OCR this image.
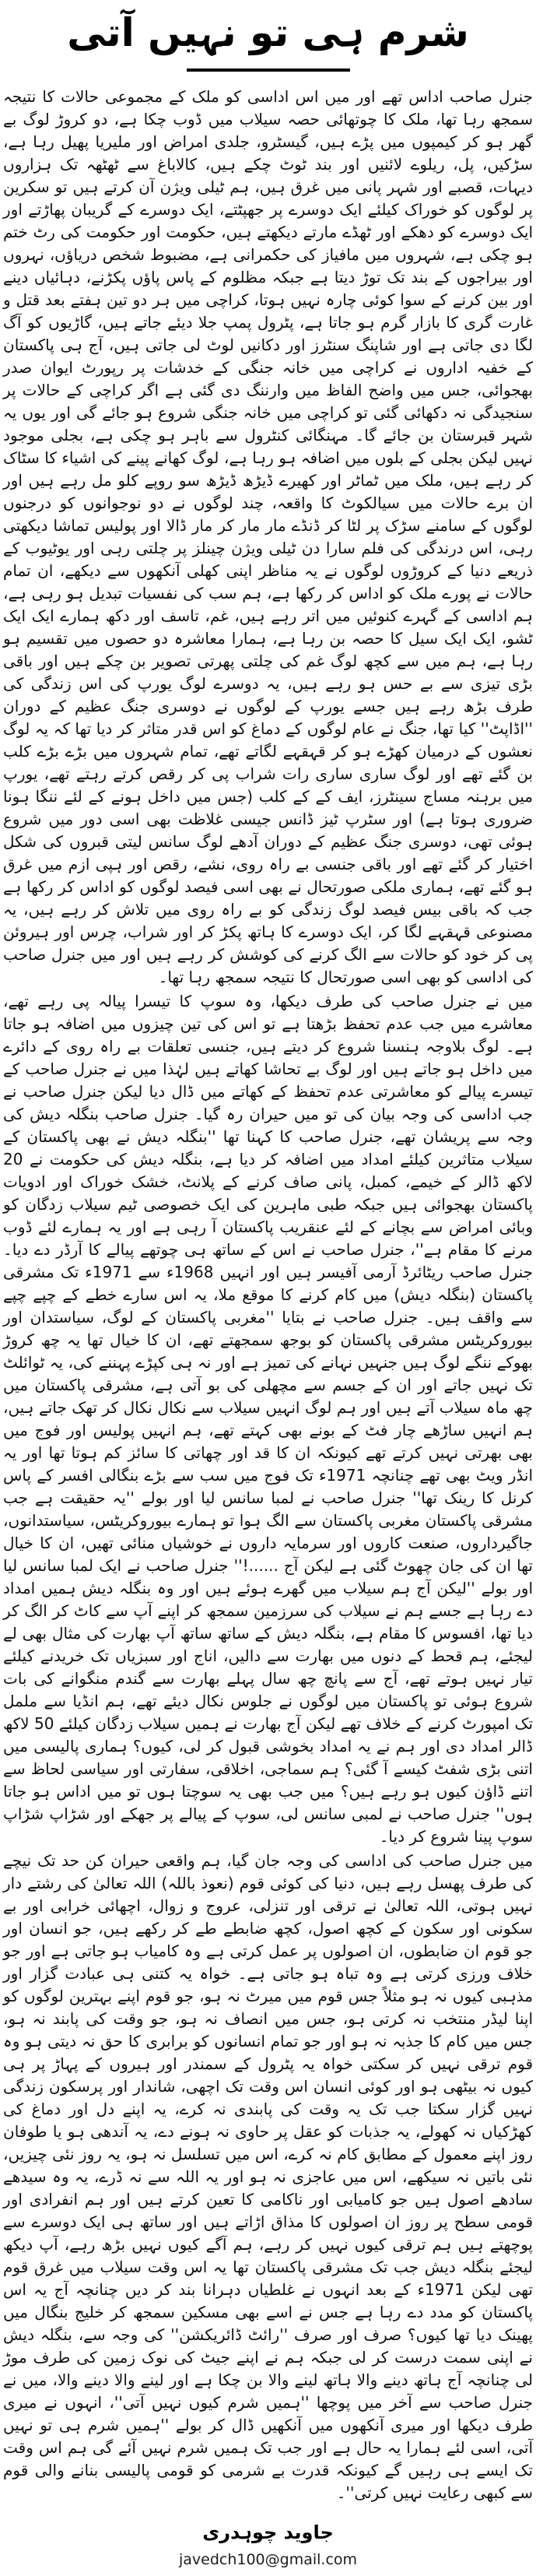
شرم ہی تو نہیں آتی

جنرل صاحب اداس تھے اور میں اس اداسی کو ملک کے مجموعی حالات کا نتیجہ سمجھ رہا تھا، ملک کا چوتھائی حصہ سیلاب میں ڈوب چکا ہے، دو کروڑ لوگ بے گھر ہو کر کیمپوں میں پڑے ہیں، گیسٹرو، جلدی امراض اور ملیریا پھیل رہا ہے، سڑکیں، پل، ریلوے لائنیں اور بند ٹوٹ چکے ہیں، کالاباغ سے ٹھٹھہ تک ہزاروں دیہات، قصبے اور شہر پانی میں غرق ہیں، ہم ٹیلی ویژن آن کرتے ہیں تو سکرین پر لوگوں کو خوراک کیلئے ایک دوسرے پر جھپٹتے، ایک دوسرے کے گریبان پھاڑتے اور ایک دوسرے کو دھکے اور ٹھڈے مارتے دیکھتے ہیں، حکومت اور حکومت کی رٹ ختم ہو چکی ہے، شہروں میں مافیاز کی حکمرانی ہے، مضبوط شخص دریاؤں، نہروں اور بیراجوں کے بند تک توڑ دیتا ہے جبکہ مظلوم کے پاس پاؤں پکڑنے، دہائیاں دینے اور بین کرنے کے سوا کوئی چارہ نہیں ہوتا، کراچی میں ہر دو تین ہفتے بعد قتل و غارت گری کا بازار گرم ہو جاتا ہے، پٹرول پمپ جلا دیئے جاتے ہیں، گاڑیوں کو آگ لگا دی جاتی ہے اور شاپنگ سنٹرز اور دکانیں لوٹ لی جاتی ہیں، آج ہی پاکستان کے خفیہ اداروں نے کراچی میں خانہ جنگی کے خدشات پر رپورٹ ایوان صدر بھجوائی، جس میں واضح الفاظ میں وارننگ دی گئی ہے اگر کراچی کے حالات پر سنجیدگی نہ دکھائی گئی تو کراچی میں خانہ جنگی شروع ہو جائے گی اور یوں یہ شہر قبرستان بن جائے گا۔ مہنگائی کنٹرول سے باہر ہو چکی ہے، بجلی موجود نہیں لیکن بجلی کے بلوں میں اضافہ ہو رہا ہے، لوگ کھانے پینے کی اشیاء کا سٹاک کر رہے ہیں، ملک میں ٹماٹر اور کھیرے ڈیڑھ ڈیڑھ سو روپے کلو مل رہے ہیں اور ان برے حالات میں سیالکوٹ کا واقعہ، چند لوگوں نے دو نوجوانوں کو درجنوں لوگوں کے سامنے سڑک پر لٹا کر ڈنڈے مار مار کر مار ڈالا اور پولیس تماشا دیکھتی رہی، اس درندگی کی فلم سارا دن ٹیلی ویژن چینلز پر چلتی رہی اور یوٹیوب کے ذریعے دنیا کے کروڑوں لوگوں نے یہ مناظر اپنی کھلی آنکھوں سے دیکھے، ان تمام حالات نے پورے ملک کو اداس کر رکھا ہے، ہم سب کی نفسیات تبدیل ہو رہی ہے، ہم اداسی کے گہرے کنوئیں میں اتر رہے ہیں، غم، تاسف اور دکھ ہمارے ایک ایک ٹشو، ایک ایک سیل کا حصہ بن رہا ہے، ہمارا معاشرہ دو حصوں میں تقسیم ہو رہا ہے، ہم میں سے کچھ لوگ غم کی چلتی پھرتی تصویر بن چکے ہیں اور باقی بڑی تیزی سے بے حس ہو رہے ہیں، یہ دوسرے لوگ یورپ کی اس زندگی کی طرف بڑھ رہے ہیں جسے یورپ کے لوگوں نے دوسری جنگ عظیم کے دوران ''اڈاپٹ'' کیا تھا، جنگ نے عام لوگوں کے دماغ کو اس قدر متاثر کر دیا تھا کہ یہ لوگ نعشوں کے درمیان کھڑے ہو کر قہقہے لگاتے تھے، تمام شہروں میں بڑے بڑے کلب بن گئے تھے اور لوگ ساری ساری رات شراب پی کر رقص کرتے رہتے تھے، یورپ میں برہنہ مساج سینٹرز، ایف کے کے کلب (جس میں داخل ہونے کے لئے ننگا ہونا ضروری ہوتا ہے) اور سٹرپ ٹیز ڈانس جیسی غلاظت بھی اسی دور میں شروع ہوئی تھی، دوسری جنگ عظیم کے دوران آدھے لوگ سانس لیتی قبروں کی شکل اختیار کر گئے تھے اور باقی جنسی بے راہ روی، نشے، رقص اور ہپی ازم میں غرق ہو گئے تھے، ہماری ملکی صورتحال نے بھی اسی فیصد لوگوں کو اداس کر رکھا ہے جب کہ باقی بیس فیصد لوگ زندگی کو بے راہ روی میں تلاش کر رہے ہیں، یہ مصنوعی قہقہے لگا کر، ایک دوسرے کا ہاتھ پکڑ کر اور شراب، چرس اور ہیروئن پی کر خود کو حالات سے الگ کرنے کی کوشش کر رہے ہیں اور میں جنرل صاحب کی اداسی کو بھی اسی صورتحال کا نتیجہ سمجھ رہا تھا۔

میں نے جنرل صاحب کی طرف دیکھا، وہ سوپ کا تیسرا پیالہ پی رہے تھے، معاشرے میں جب عدم تحفظ بڑھتا ہے تو اس کی تین چیزوں میں اضافہ ہو جاتا ہے۔ لوگ بلاوجہ ہنسنا شروع کر دیتے ہیں، جنسی تعلقات بے راہ روی کے دائرے میں داخل ہو جاتے ہیں اور لوگ بے تحاشا کھاتے ہیں لہٰذا میں نے جنرل صاحب کے تیسرے پیالے کو معاشرتی عدم تحفظ کے کھاتے میں ڈال دیا لیکن جنرل صاحب نے جب اداسی کی وجہ بیان کی تو میں حیران رہ گیا۔ جنرل صاحب بنگلہ دیش کی وجہ سے پریشان تھے، جنرل صاحب کا کہنا تھا ''بنگلہ دیش نے بھی پاکستان کے سیلاب متاثرین کیلئے امداد میں اضافہ کر دیا ہے، بنگلہ دیش کی حکومت نے 20 لاکھ ڈالر کے خیمے، کمبل، پانی صاف کرنے کے پلانٹ، خشک خوراک اور ادویات پاکستان بھجوائی ہیں جبکہ طبی ماہرین کی ایک خصوصی ٹیم سیلاب زدگان کو وبائی امراض سے بچانے کے لئے عنقریب پاکستان آ رہی ہے اور یہ ہمارے لئے ڈوب مرنے کا مقام ہے''، جنرل صاحب نے اس کے ساتھ ہی چوتھے پیالے کا آرڈر دے دیا۔ جنرل صاحب ریٹائرڈ آرمی آفیسر ہیں اور انہیں 1968ء سے 1971ء تک مشرقی پاکستان (بنگلہ دیش) میں کام کرنے کا موقع ملا، یہ اس سارے خطے کے چپے چپے سے واقف ہیں۔ جنرل صاحب نے بتایا ''مغربی پاکستان کے لوگ، سیاستدان اور بیوروکریٹس مشرقی پاکستان کو بوجھ سمجھتے تھے، ان کا خیال تھا یہ چھ کروڑ بھوکے ننگے لوگ ہیں جنہیں نہانے کی تمیز ہے اور نہ ہی کپڑے پہننے کی، یہ ٹوائلٹ تک نہیں جاتے اور ان کے جسم سے مچھلی کی بو آتی ہے، مشرقی پاکستان میں چھ ماہ سیلاب آتے ہیں اور ہم لوگ انہیں سیلاب سے نکال نکال کر تھک جاتے ہیں، ہم انہیں ساڑھے چار فٹ کے بونے بھی کہتے تھے، ہم انہیں پولیس اور فوج میں بھی بھرتی نہیں کرتے تھے کیونکہ ان کا قد اور چھاتی کا سائز کم ہوتا تھا اور یہ انڈر ویٹ بھی تھے چنانچہ 1971ء تک فوج میں سب سے بڑے بنگالی افسر کے پاس کرنل کا رینک تھا'' جنرل صاحب نے لمبا سانس لیا اور بولے ''یہ حقیقت ہے جب مشرقی پاکستان مغربی پاکستان سے الگ ہوا تو ہمارے بیوروکریٹس، سیاستدانوں، جاگیرداروں، صنعت کاروں اور سرمایہ داروں نے خوشیاں منائی تھیں، ان کا خیال تھا ان کی جان چھوٹ گئی ہے لیکن آج ......!'' جنرل صاحب نے ایک لمبا سانس لیا اور بولے ''لیکن آج ہم سیلاب میں گھرے ہوئے ہیں اور وہ بنگلہ دیش ہمیں امداد دے رہا ہے جسے ہم نے سیلاب کی سرزمین سمجھ کر اپنے آپ سے کاٹ کر الگ کر دیا تھا، افسوس کا مقام ہے، بنگلہ دیش کے ساتھ ساتھ آپ بھارت کی مثال بھی لے لیجئے، ہم قحط کے دنوں میں بھارت سے دالیں، اناج اور سبزیاں تک خریدنے کیلئے تیار نہیں ہوتے تھے، آج سے پانچ چھ سال پہلے بھارت سے گندم منگوانے کی بات شروع ہوئی تو پاکستان میں لوگوں نے جلوس نکال دیئے تھے، ہم انڈیا سے ململ تک امپورٹ کرنے کے خلاف تھے لیکن آج بھارت نے ہمیں سیلاب زدگان کیلئے 50 لاکھ ڈالر امداد دی اور ہم نے یہ امداد بخوشی قبول کر لی، کیوں؟ ہماری پالیسی میں اتنی بڑی شفٹ کیسے آ گئی؟ ہم سماجی، اخلاقی، سفارتی اور سیاسی لحاظ سے اتنے ڈاؤن کیوں ہو رہے ہیں؟ میں جب بھی یہ سوچتا ہوں تو میں اداس ہو جاتا ہوں'' جنرل صاحب نے لمبی سانس لی، سوپ کے پیالے پر جھکے اور شڑاپ شڑاپ سوپ پینا شروع کر دیا۔

میں جنرل صاحب کی اداسی کی وجہ جان گیا، ہم واقعی حیران کن حد تک نیچے کی طرف پھسل رہے ہیں، دنیا کی کوئی قوم (نعوذ باللہ) اللہ تعالیٰ کی رشتے دار نہیں ہوتی، اللہ تعالیٰ نے ترقی اور تنزلی، عروج و زوال، اچھائی خرابی اور بے سکونی اور سکون کے کچھ اصول، کچھ ضابطے طے کر رکھے ہیں، جو انسان اور جو قوم ان ضابطوں، ان اصولوں پر عمل کرتی ہے وہ کامیاب ہو جاتی ہے اور جو خلاف ورزی کرتی ہے وہ تباہ ہو جاتی ہے۔ خواہ یہ کتنی ہی عبادت گزار اور مذہبی کیوں نہ ہو مثلاً جس قوم میں میرٹ نہ ہو، جو قوم اپنے بہترین لوگوں کو اپنا لیڈر منتخب نہ کرتی ہو، جس میں انصاف نہ ہو، جو وقت کی پابند نہ ہو، جس میں کام کا جذبہ نہ ہو اور جو تمام انسانوں کو برابری کا حق نہ دیتی ہو وہ قوم ترقی نہیں کر سکتی خواہ یہ پٹرول کے سمندر اور ہیروں کے پہاڑ پر ہی کیوں نہ بیٹھی ہو اور کوئی انسان اس وقت تک اچھی، شاندار اور پرسکون زندگی نہیں گزار سکتا جب تک یہ وقت کی پابندی نہ کرے، یہ اپنے دل اور دماغ کی کھڑکیاں نہ کھولے، یہ جذبات کو عقل پر حاوی نہ ہونے دے، یہ آندھی ہو یا طوفان روز اپنے معمول کے مطابق کام نہ کرے، اس میں تسلسل نہ ہو، یہ روز نئی چیزیں، نئی باتیں نہ سیکھے، اس میں عاجزی نہ ہو اور یہ اللہ سے نہ ڈرے، یہ وہ سیدھے سادھے اصول ہیں جو کامیابی اور ناکامی کا تعین کرتے ہیں اور ہم انفرادی اور قومی سطح پر روز ان اصولوں کا مذاق اڑاتے ہیں اور ساتھ ہی ایک دوسرے سے پوچھتے ہیں ہم ترقی کیوں نہیں کر رہے، ہم آگے کیوں نہیں بڑھ رہے، آپ دیکھ لیجئے بنگلہ دیش جب تک مشرقی پاکستان تھا یہ اس وقت سیلاب میں غرق قوم تھی لیکن 1971ء کے بعد انہوں نے غلطیاں دہرانا بند کر دیں چنانچہ آج یہ اس پاکستان کو مدد دے رہا ہے جس نے اسے بھی مسکین سمجھ کر خلیج بنگال میں پھینک دیا تھا کیوں؟ صرف اور صرف ''رائٹ ڈائریکشن'' کی وجہ سے، بنگلہ دیش نے اپنی سمت درست کر لی جبکہ ہم نے اپنے جیٹ کی نوک زمین کی طرف موڑ لی چنانچہ آج ہاتھ دینے والا ہاتھ لینے والا بن چکا ہے اور لینے والا دینے والا، میں نے جنرل صاحب سے آخر میں پوچھا ''ہمیں شرم کیوں نہیں آتی''، انہوں نے میری طرف دیکھا اور میری آنکھوں میں آنکھیں ڈال کر بولے ''ہمیں شرم ہی تو نہیں آتی، اسی لئے ہمارا یہ حال ہے اور جب تک ہمیں شرم نہیں آئے گی ہم اس وقت تک ایسے ہی رہیں گے کیونکہ قدرت بے شرمی کو قومی پالیسی بنانے والی قوم سے کبھی رعایت نہیں کرتی''۔

جاوید چوہدری

javedch100@gmail.com
